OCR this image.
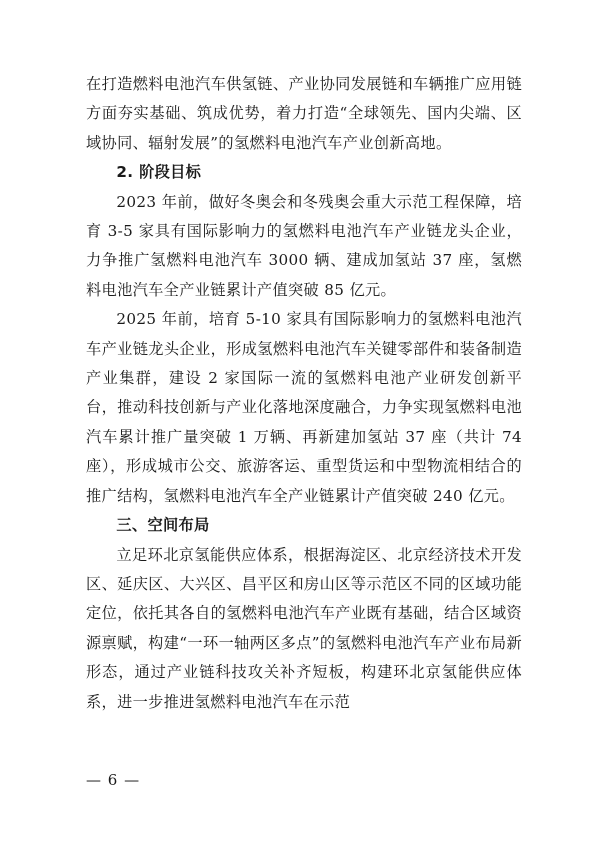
在打造燃料电池汽车供氢链、产业协同发展链和车辆推广应用链方面夯实基础、筑成优势，着力打造“全球领先、国内尖端、区域协同、辐射发展”的氢燃料电池汽车产业创新高地。

2. 阶段目标

2023 年前，做好冬奥会和冬残奥会重大示范工程保障，培育 3-5 家具有国际影响力的氢燃料电池汽车产业链龙头企业，力争推广氢燃料电池汽车 3000 辆、建成加氢站 37 座，氢燃料电池汽车全产业链累计产值突破 85 亿元。

2025 年前，培育 5-10 家具有国际影响力的氢燃料电池汽车产业链龙头企业，形成氢燃料电池汽车关键零部件和装备制造产业集群，建设 2 家国际一流的氢燃料电池产业研发创新平台，推动科技创新与产业化落地深度融合，力争实现氢燃料电池汽车累计推广量突破 1 万辆、再新建加氢站 37 座（共计 74 座），形成城市公交、旅游客运、重型货运和中型物流相结合的推广结构，氢燃料电池汽车全产业链累计产值突破 240 亿元。

三、空间布局

立足环北京氢能供应体系，根据海淀区、北京经济技术开发区、延庆区、大兴区、昌平区和房山区等示范区不同的区域功能定位，依托其各自的氢燃料电池汽车产业既有基础，结合区域资源禀赋，构建“一环一轴两区多点”的氢燃料电池汽车产业布局新形态，通过产业链科技攻关补齐短板，构建环北京氢能供应体系，进一步推进氢燃料电池汽车在示范

— 6 —
